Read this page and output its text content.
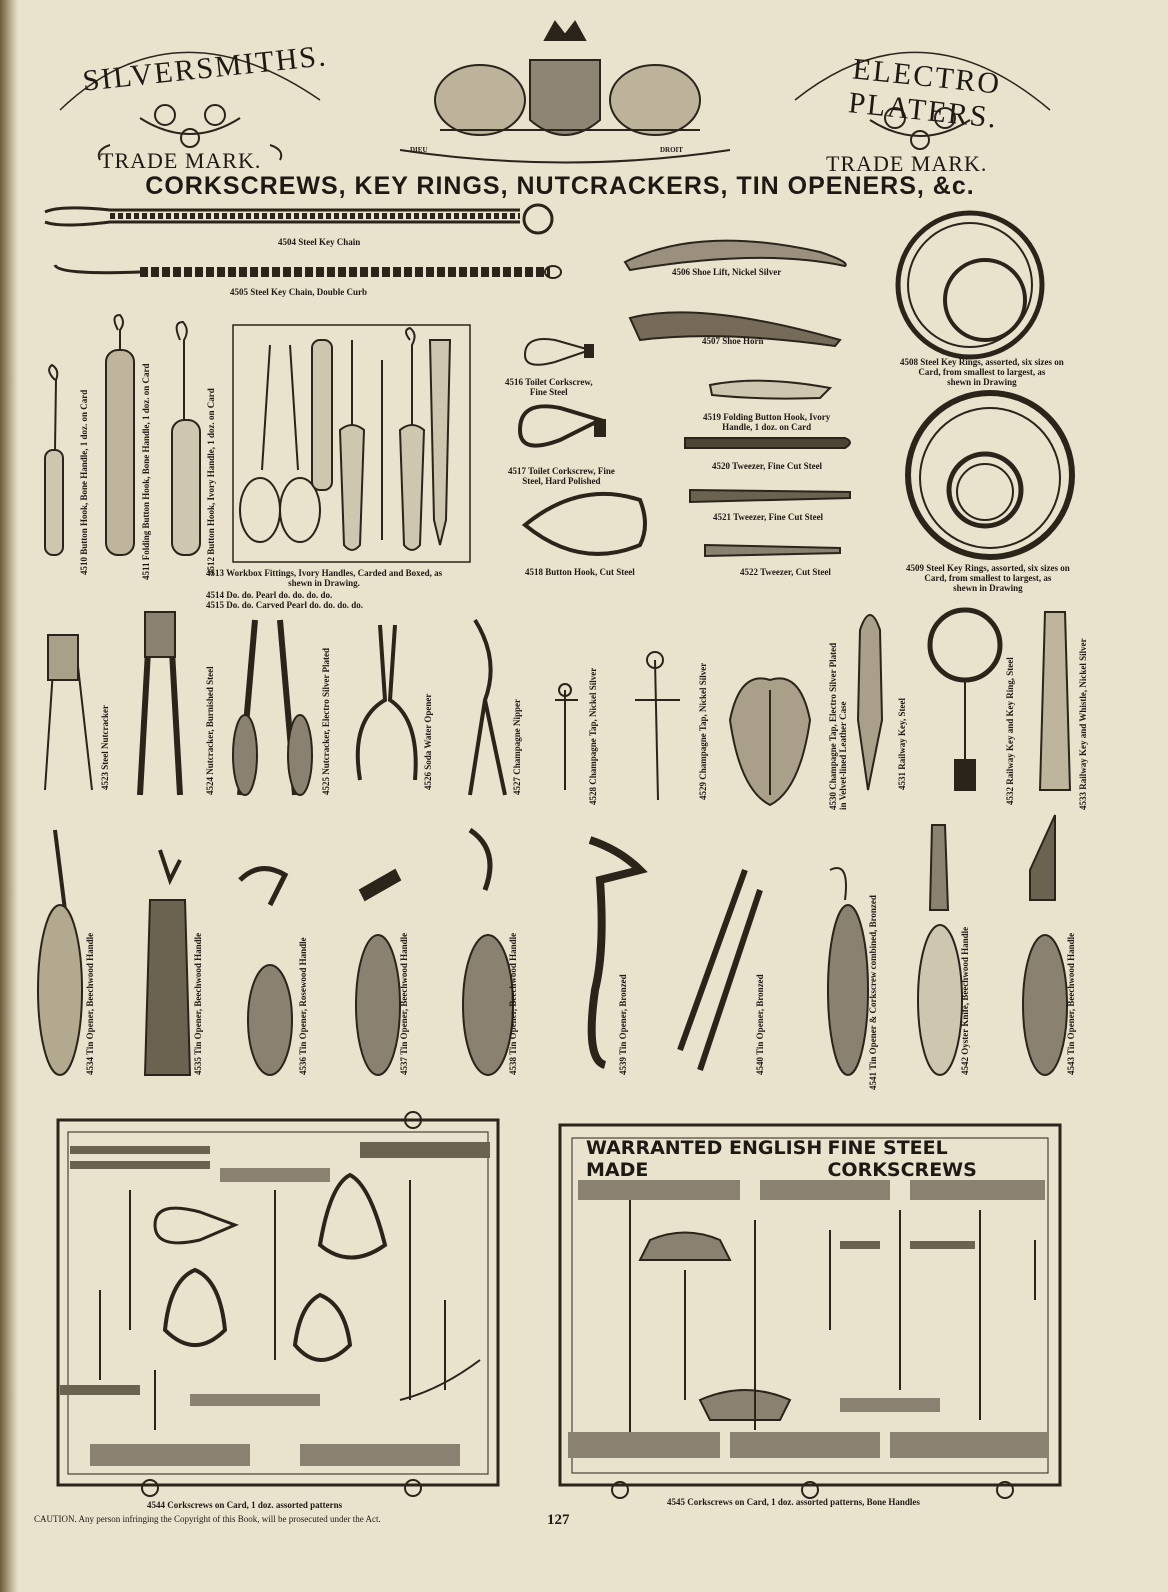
SILVERSMITHS.	ELECTRO PLATERS.
TRADE MARK.	TRADE MARK.
DIEU	DROIT
CORKSCREWS, KEY RINGS, NUTCRACKERS, TIN OPENERS, &c.
4504 Steel Key Chain
4505 Steel Key Chain, Double Curb
4506 Shoe Lift, Nickel Silver
4507 Shoe Horn
4508 Steel Key Rings, assorted, six sizes on
Card, from smallest to largest, as
shewn in Drawing
4509 Steel Key Rings, assorted, six sizes on
Card, from smallest to largest, as
shewn in Drawing
4513 Workbox Fittings, Ivory Handles, Carded and Boxed, as
shewn in Drawing.
4514 Do. do. Pearl do. do. do. do.
4515 Do. do. Carved Pearl do. do. do. do.
4516 Toilet Corkscrew,
Fine Steel
4517 Toilet Corkscrew, Fine
Steel, Hard Polished
4518 Button Hook, Cut Steel
4519 Folding Button Hook, Ivory
Handle, 1 doz. on Card
4520 Tweezer, Fine Cut Steel
4521 Tweezer, Fine Cut Steel
4522 Tweezer, Cut Steel
4510 Button Hook, Bone Handle, 1 doz. on Card	4511 Folding Button Hook, Bone Handle, 1 doz. on Card	4512 Button Hook, Ivory Handle, 1 doz. on Card
4523 Steel Nutcracker	4524 Nutcracker, Burnished Steel	4525 Nutcracker, Electro Silver Plated	4526 Soda Water Opener	4527 Champagne Nipper	4528 Champagne Tap, Nickel Silver	4529 Champagne Tap, Nickel Silver	4530 Champagne Tap, Electro Silver Plated in Velvet-lined Leather Case	4531 Railway Key, Steel	4532 Railway Key and Key Ring, Steel	4533 Railway Key and Whistle, Nickel Silver
4534 Tin Opener, Beechwood Handle	4535 Tin Opener, Beechwood Handle	4536 Tin Opener, Rosewood Handle	4537 Tin Opener, Beechwood Handle	4538 Tin Opener, Beechwood Handle	4539 Tin Opener, Bronzed	4540 Tin Opener, Bronzed	4541 Tin Opener & Corkscrew combined, Bronzed	4542 Oyster Knife, Beechwood Handle	4543 Tin Opener, Beechwood Handle
WARRANTED ENGLISH MADE
FINE STEEL CORKSCREWS
4544 Corkscrews on Card, 1 doz. assorted patterns	4545 Corkscrews on Card, 1 doz. assorted patterns, Bone Handles
CAUTION. Any person infringing the Copyright of this Book, will be prosecuted under the Act.	127
